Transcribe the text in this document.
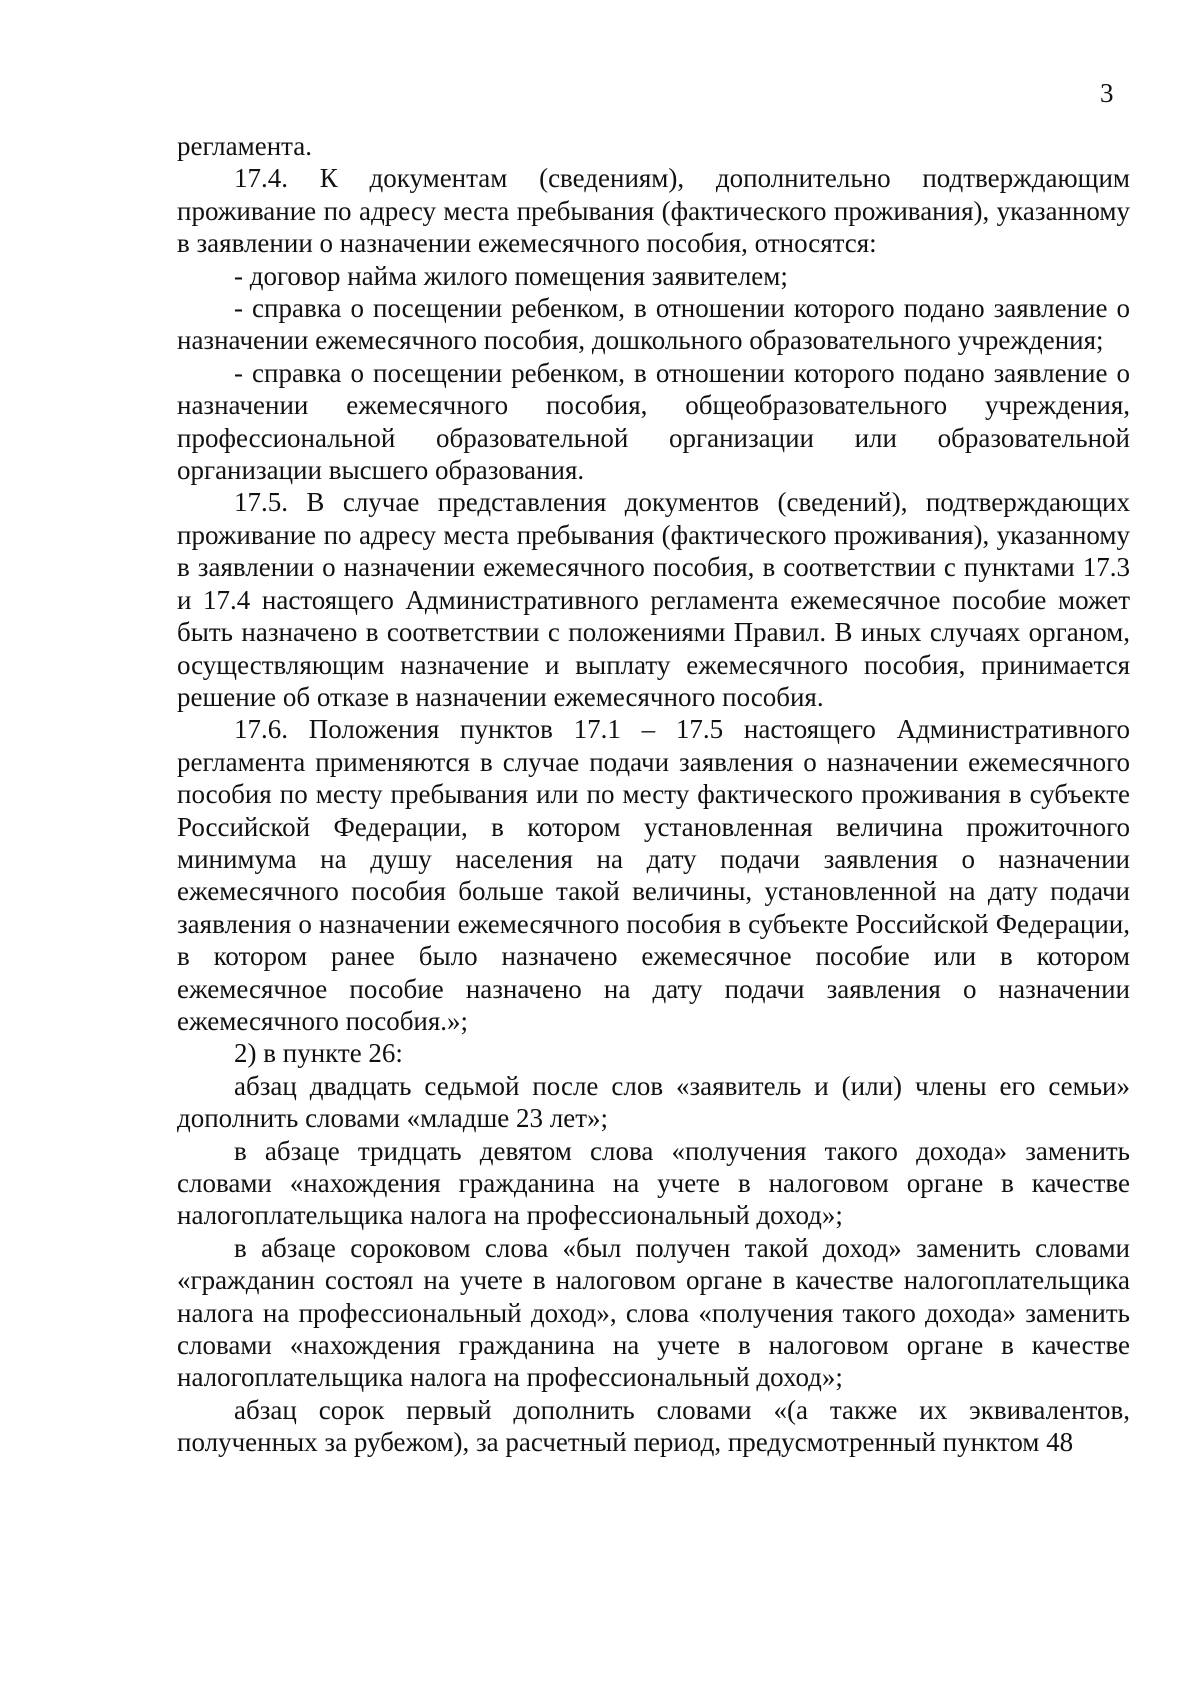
3

регламента.

17.4. К документам (сведениям), дополнительно подтверждающим проживание по адресу места пребывания (фактического проживания), указанному в заявлении о назначении ежемесячного пособия, относятся:

- договор найма жилого помещения заявителем;

- справка о посещении ребенком, в отношении которого подано заявление о назначении ежемесячного пособия, дошкольного образовательного учреждения;

- справка о посещении ребенком, в отношении которого подано заявление о назначении ежемесячного пособия, общеобразовательного учреждения, профессиональной образовательной организации или образовательной организации высшего образования.

17.5. В случае представления документов (сведений), подтверждающих проживание по адресу места пребывания (фактического проживания), указанному в заявлении о назначении ежемесячного пособия, в соответствии с пунктами 17.3 и 17.4 настоящего Административного регламента ежемесячное пособие может быть назначено в соответствии с положениями Правил. В иных случаях органом, осуществляющим назначение и выплату ежемесячного пособия, принимается решение об отказе в назначении ежемесячного пособия.

17.6. Положения пунктов 17.1 – 17.5 настоящего Административного регламента применяются в случае подачи заявления о назначении ежемесячного пособия по месту пребывания или по месту фактического проживания в субъекте Российской Федерации, в котором установленная величина прожиточного минимума на душу населения на дату подачи заявления о назначении ежемесячного пособия больше такой величины, установленной на дату подачи заявления о назначении ежемесячного пособия в субъекте Российской Федерации, в котором ранее было назначено ежемесячное пособие или в котором ежемесячное пособие назначено на дату подачи заявления о назначении ежемесячного пособия.»;

2) в пункте 26:

абзац двадцать седьмой после слов «заявитель и (или) члены его семьи» дополнить словами «младше 23 лет»;

в абзаце тридцать девятом слова «получения такого дохода» заменить словами «нахождения гражданина на учете в налоговом органе в качестве налогоплательщика налога на профессиональный доход»;

в абзаце сороковом слова «был получен такой доход» заменить словами «гражданин состоял на учете в налоговом органе в качестве налогоплательщика налога на профессиональный доход», слова «получения такого дохода» заменить словами «нахождения гражданина на учете в налоговом органе в качестве налогоплательщика налога на профессиональный доход»;

абзац сорок первый дополнить словами «(а также их эквивалентов, полученных за рубежом), за расчетный период, предусмотренный пунктом 48
